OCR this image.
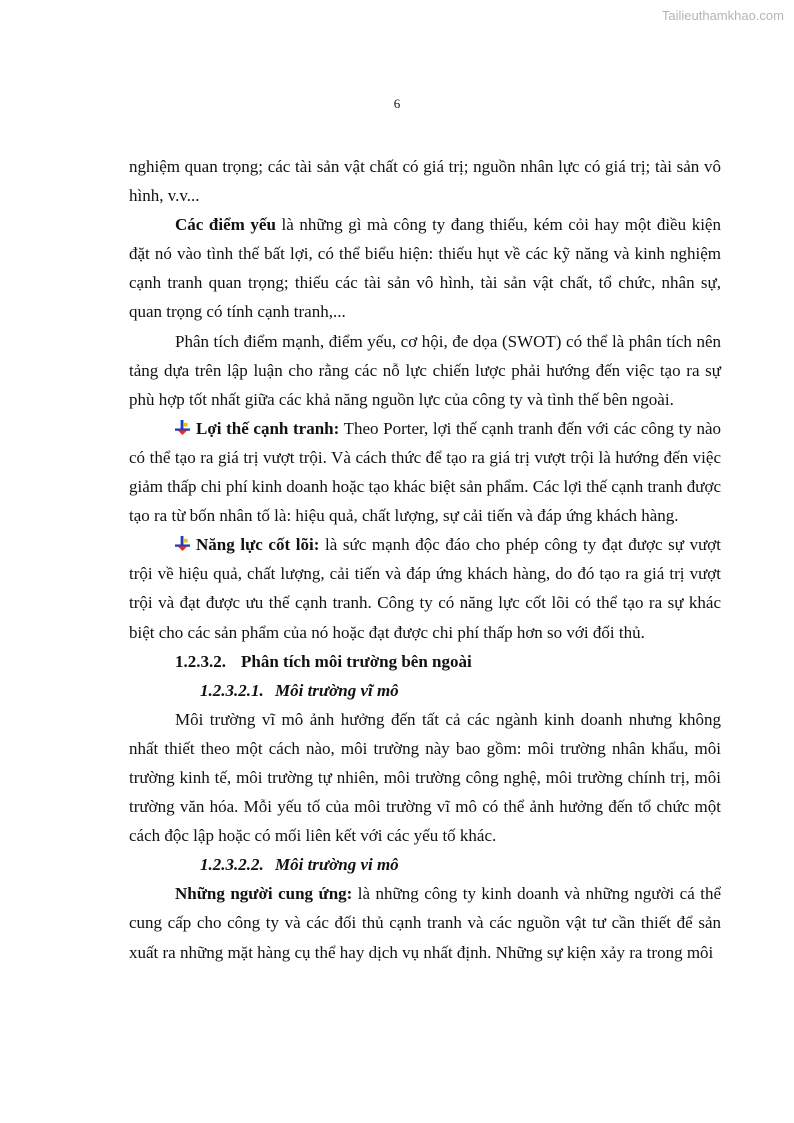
Tailieuthamkhao.com
6

nghiệm quan trọng; các tài sản vật chất có giá trị; nguồn nhân lực có giá trị; tài sản vô hình, v.v...

Các điểm yếu là những gì mà công ty đang thiếu, kém cỏi hay một điều kiện đặt nó vào tình thế bất lợi, có thể biểu hiện: thiếu hụt về các kỹ năng và kinh nghiệm cạnh tranh quan trọng; thiếu các tài sản vô hình, tài sản vật chất, tổ chức, nhân sự, quan trọng có tính cạnh tranh,...

Phân tích điểm mạnh, điểm yếu, cơ hội, đe dọa (SWOT) có thể là phân tích nên tảng dựa trên lập luận cho rằng các nỗ lực chiến lược phải hướng đến việc tạo ra sự phù hợp tốt nhất giữa các khả năng nguồn lực của công ty và tình thế bên ngoài.

Lợi thế cạnh tranh: Theo Porter, lợi thế cạnh tranh đến với các công ty nào có thể tạo ra giá trị vượt trội. Và cách thức để tạo ra giá trị vượt trội là hướng đến việc giảm thấp chi phí kinh doanh hoặc tạo khác biệt sản phẩm. Các lợi thế cạnh tranh được tạo ra từ bốn nhân tố là: hiệu quả, chất lượng, sự cải tiến và đáp ứng khách hàng.

Năng lực cốt lõi: là sức mạnh độc đáo cho phép công ty đạt được sự vượt trội về hiệu quả, chất lượng, cải tiến và đáp ứng khách hàng, do đó tạo ra giá trị vượt trội và đạt được ưu thế cạnh tranh. Công ty có năng lực cốt lõi có thể tạo ra sự khác biệt cho các sản phẩm của nó hoặc đạt được chi phí thấp hơn so với đối thủ.

1.2.3.2. Phân tích môi trường bên ngoài

1.2.3.2.1. Môi trường vĩ mô

Môi trường vĩ mô ảnh hưởng đến tất cả các ngành kinh doanh nhưng không nhất thiết theo một cách nào, môi trường này bao gồm: môi trường nhân khẩu, môi trường kinh tế, môi trường tự nhiên, môi trường công nghệ, môi trường chính trị, môi trường văn hóa. Mỗi yếu tố của môi trường vĩ mô có thể ảnh hưởng đến tổ chức một cách độc lập hoặc có mối liên kết với các yếu tố khác.

1.2.3.2.2. Môi trường vi mô

Những người cung ứng: là những công ty kinh doanh và những người cá thể cung cấp cho công ty và các đối thủ cạnh tranh và các nguồn vật tư cần thiết để sản xuất ra những mặt hàng cụ thể hay dịch vụ nhất định. Những sự kiện xảy ra trong môi
